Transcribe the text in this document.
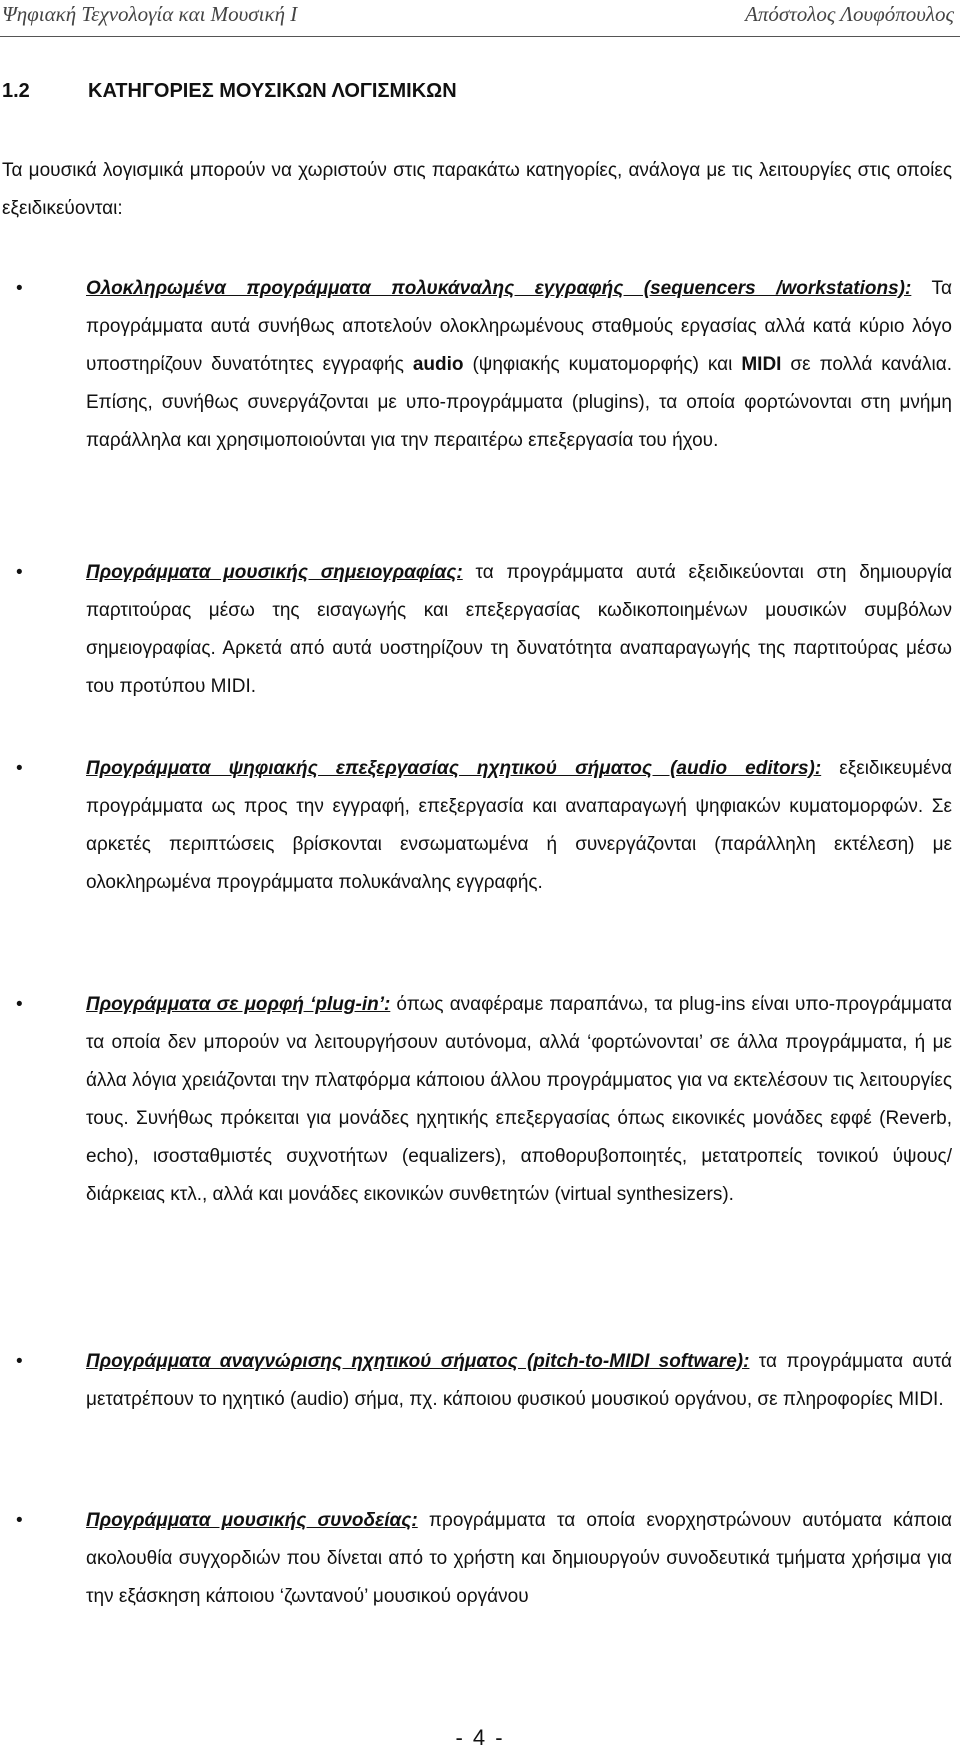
Ψηφιακή Τεχνολογία και Μουσική Ι	Απόστολος Λουφόπουλος
1.2	ΚΑΤΗΓΟΡΙΕΣ ΜΟΥΣΙΚΩΝ ΛΟΓΙΣΜΙΚΩΝ

Τα μουσικά λογισμικά μπορούν να χωριστούν στις παρακάτω κατηγορίες, ανάλογα με τις λειτουργίες στις οποίες εξειδικεύονται:

•	Ολοκληρωμένα προγράμματα πολυκάναλης εγγραφής (sequencers /workstations): Τα προγράμματα αυτά συνήθως αποτελούν ολοκληρωμένους σταθμούς εργασίας αλλά κατά κύριο λόγο υποστηρίζουν δυνατότητες εγγραφής audio (ψηφιακής κυματομορφής) και MIDI σε πολλά κανάλια. Επίσης, συνήθως συνεργάζονται με υπο-προγράμματα (plugins), τα οποία φορτώνονται στη μνήμη παράλληλα και χρησιμοποιούνται για την περαιτέρω επεξεργασία του ήχου.

•	Προγράμματα μουσικής σημειογραφίας: τα προγράμματα αυτά εξειδικεύονται στη δημιουργία παρτιτούρας μέσω της εισαγωγής και επεξεργασίας κωδικοποιημένων μουσικών συμβόλων σημειογραφίας. Αρκετά από αυτά υοστηρίζουν τη δυνατότητα αναπαραγωγής της παρτιτούρας μέσω του προτύπου MIDI.

•	Προγράμματα ψηφιακής επεξεργασίας ηχητικού σήματος (audio editors): εξειδικευμένα προγράμματα ως προς την εγγραφή, επεξεργασία και αναπαραγωγή ψηφιακών κυματομορφών. Σε αρκετές περιπτώσεις βρίσκονται ενσωματωμένα ή συνεργάζονται (παράλληλη εκτέλεση) με ολοκληρωμένα προγράμματα πολυκάναλης εγγραφής.

•	Προγράμματα σε μορφή ‘plug-in’: όπως αναφέραμε παραπάνω, τα plug-ins είναι υπο-προγράμματα τα οποία δεν μπορούν να λειτουργήσουν αυτόνομα, αλλά ‘φορτώνονται’ σε άλλα προγράμματα, ή με άλλα λόγια χρειάζονται την πλατφόρμα κάποιου άλλου προγράμματος για να εκτελέσουν τις λειτουργίες τους. Συνήθως πρόκειται για μονάδες ηχητικής επεξεργασίας όπως εικονικές μονάδες εφφέ (Reverb, echo), ισοσταθμιστές συχνοτήτων (equalizers), αποθορυβοποιητές, μετατροπείς τονικού ύψους/διάρκειας κτλ., αλλά και μονάδες εικονικών συνθετητών (virtual synthesizers).

•	Προγράμματα αναγνώρισης ηχητικού σήματος (pitch-to-MIDI software): τα προγράμματα αυτά μετατρέπουν το ηχητικό (audio) σήμα, πχ. κάποιου φυσικού μουσικού οργάνου, σε πληροφορίες MIDI.

•	Προγράμματα μουσικής συνοδείας: προγράμματα τα οποία ενορχηστρώνουν αυτόματα κάποια ακολουθία συγχορδιών που δίνεται από το χρήστη και δημιουργούν συνοδευτικά τμήματα χρήσιμα για την εξάσκηση κάποιου ‘ζωντανού’ μουσικού οργάνου

- 4 -
